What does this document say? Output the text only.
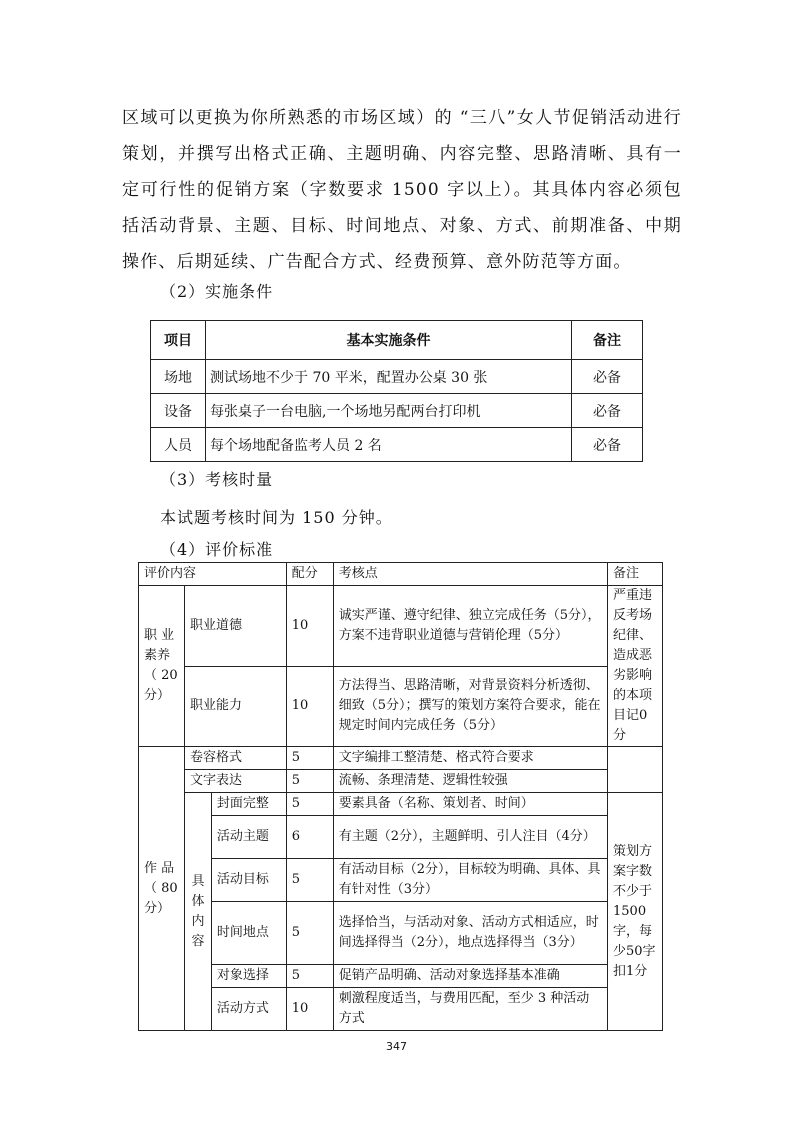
区域可以更换为你所熟悉的市场区域）的 “三八”女人节促销活动进行策划，并撰写出格式正确、主题明确、内容完整、思路清晰、具有一定可行性的促销方案（字数要求 1500 字以上）。其具体内容必须包括活动背景、主题、目标、时间地点、对象、方式、前期准备、中期操作、后期延续、广告配合方式、经费预算、意外防范等方面。

（2）实施条件

项目	基本实施条件	备注
场地	测试场地不少于 70 平米，配置办公桌 30 张	必备
设备	每张桌子一台电脑,一个场地另配两台打印机	必备
人员	每个场地配备监考人员 2 名	必备

（3）考核时量

本试题考核时间为 150 分钟。

（4）评价标准

评价内容			配分	考核点	备注
职 业素养（ 20分）	职业道德		10	诚实严谨、遵守纪律、独立完成任务（5分），方案不违背职业道德与营销伦理（5分）	严重违反考场纪律、造成恶劣影响的本项目记0分
	职业能力		10	方法得当、思路清晰，对背景资料分析透彻、细致（5分）；撰写的策划方案符合要求，能在规定时间内完成任务（5分）	
作 品（ 80分）	卷容格式		5	文字编排工整清楚、格式符合要求	
	文字表达		5	流畅、条理清楚、逻辑性较强	
	具体内容	封面完整	5	要素具备（名称、策划者、时间）	策划方案字数不少于1500字，每少50字扣1分
		活动主题	6	有主题（2分），主题鲜明、引人注目（4分）	
		活动目标	5	有活动目标（2分），目标较为明确、具体、具有针对性（3分）	
		时间地点	5	选择恰当，与活动对象、活动方式相适应，时间选择得当（2分），地点选择得当（3分）	
		对象选择	5	促销产品明确、活动对象选择基本准确	
		活动方式	10	刺激程度适当，与费用匹配，至少 3 种活动方式	
347
